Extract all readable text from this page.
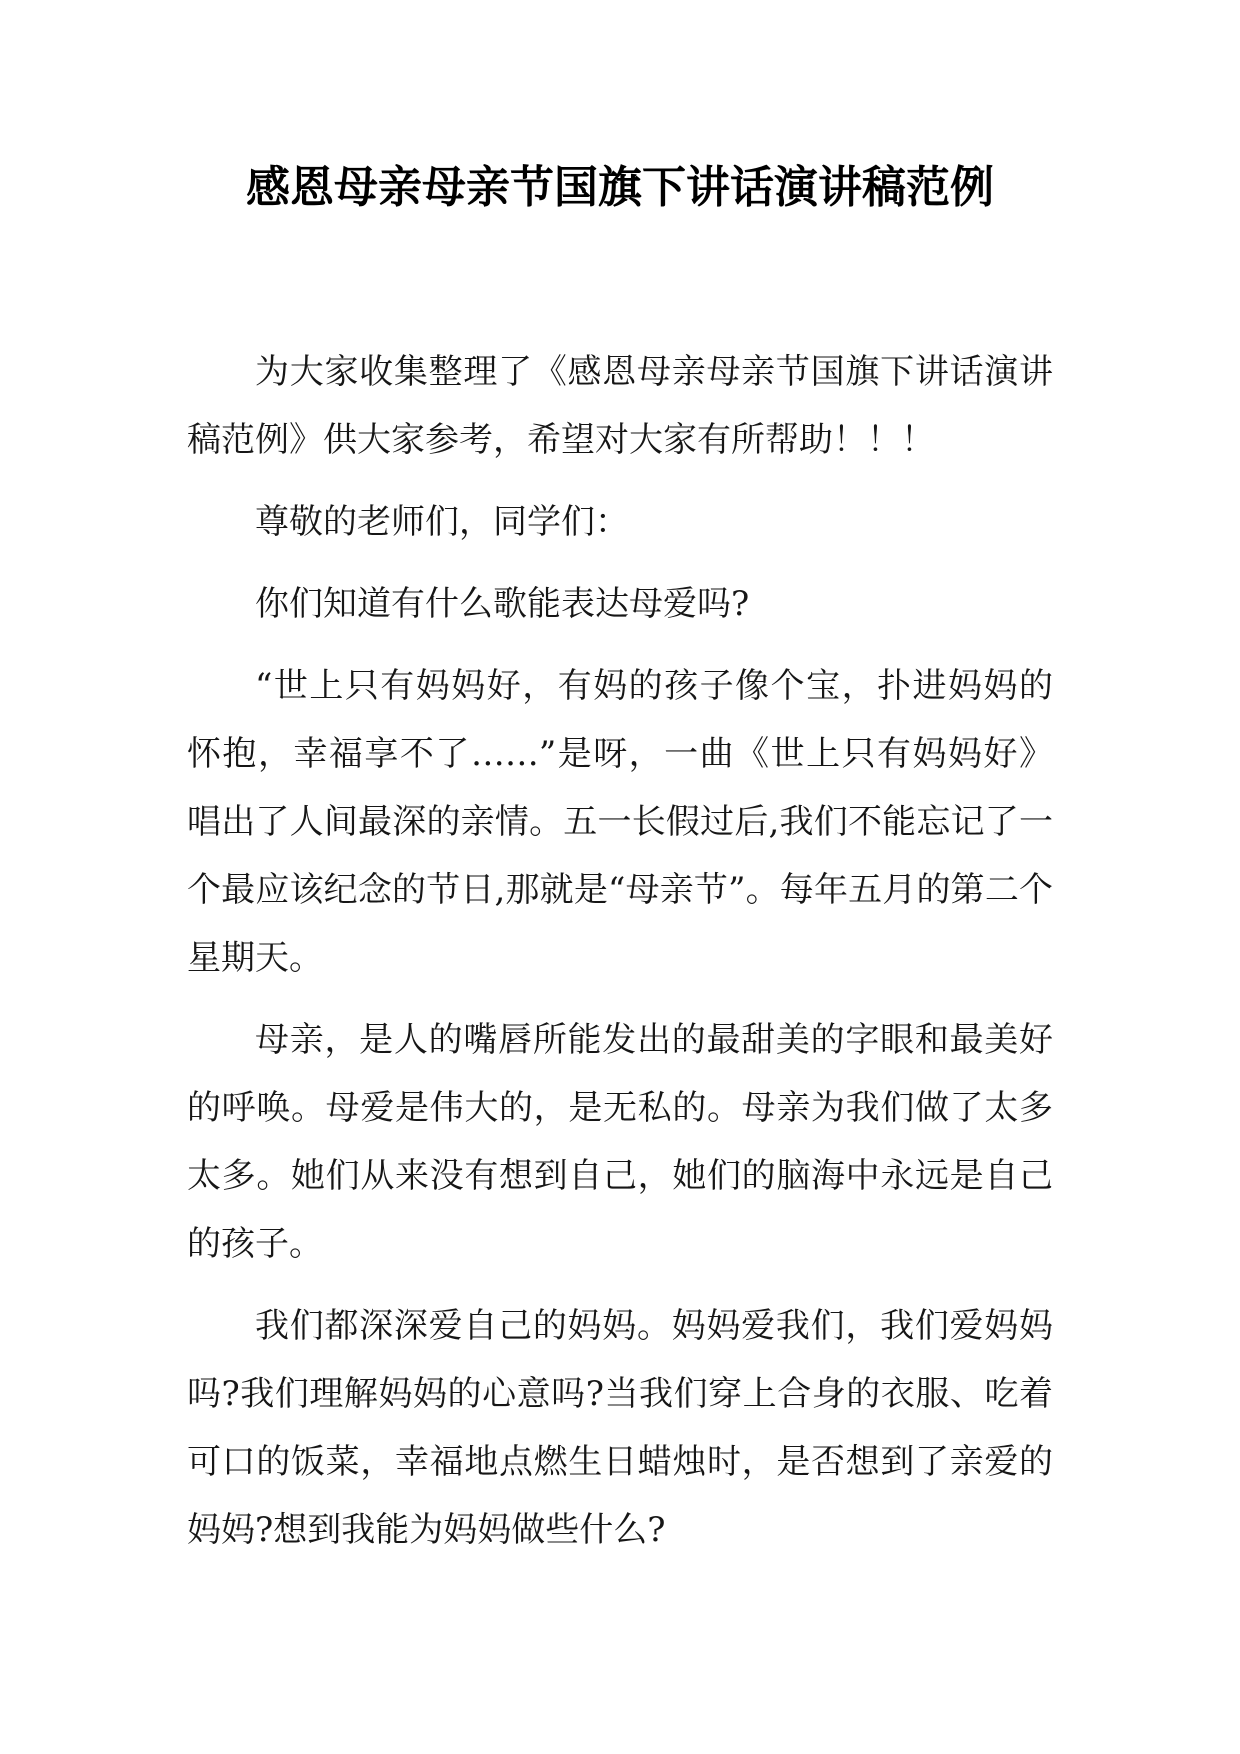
感恩母亲母亲节国旗下讲话演讲稿范例

为大家收集整理了《感恩母亲母亲节国旗下讲话演讲稿范例》供大家参考，希望对大家有所帮助！！！

尊敬的老师们，同学们：

你们知道有什么歌能表达母爱吗?

“世上只有妈妈好，有妈的孩子像个宝，扑进妈妈的怀抱，幸福享不了……”是呀，一曲《世上只有妈妈好》唱出了人间最深的亲情。五一长假过后,我们不能忘记了一个最应该纪念的节日,那就是“母亲节”。每年五月的第二个星期天。

母亲，是人的嘴唇所能发出的最甜美的字眼和最美好的呼唤。母爱是伟大的，是无私的。母亲为我们做了太多太多。她们从来没有想到自己，她们的脑海中永远是自己的孩子。

我们都深深爱自己的妈妈。妈妈爱我们，我们爱妈妈吗?我们理解妈妈的心意吗?当我们穿上合身的衣服、吃着可口的饭菜，幸福地点燃生日蜡烛时，是否想到了亲爱的妈妈?想到我能为妈妈做些什么?
